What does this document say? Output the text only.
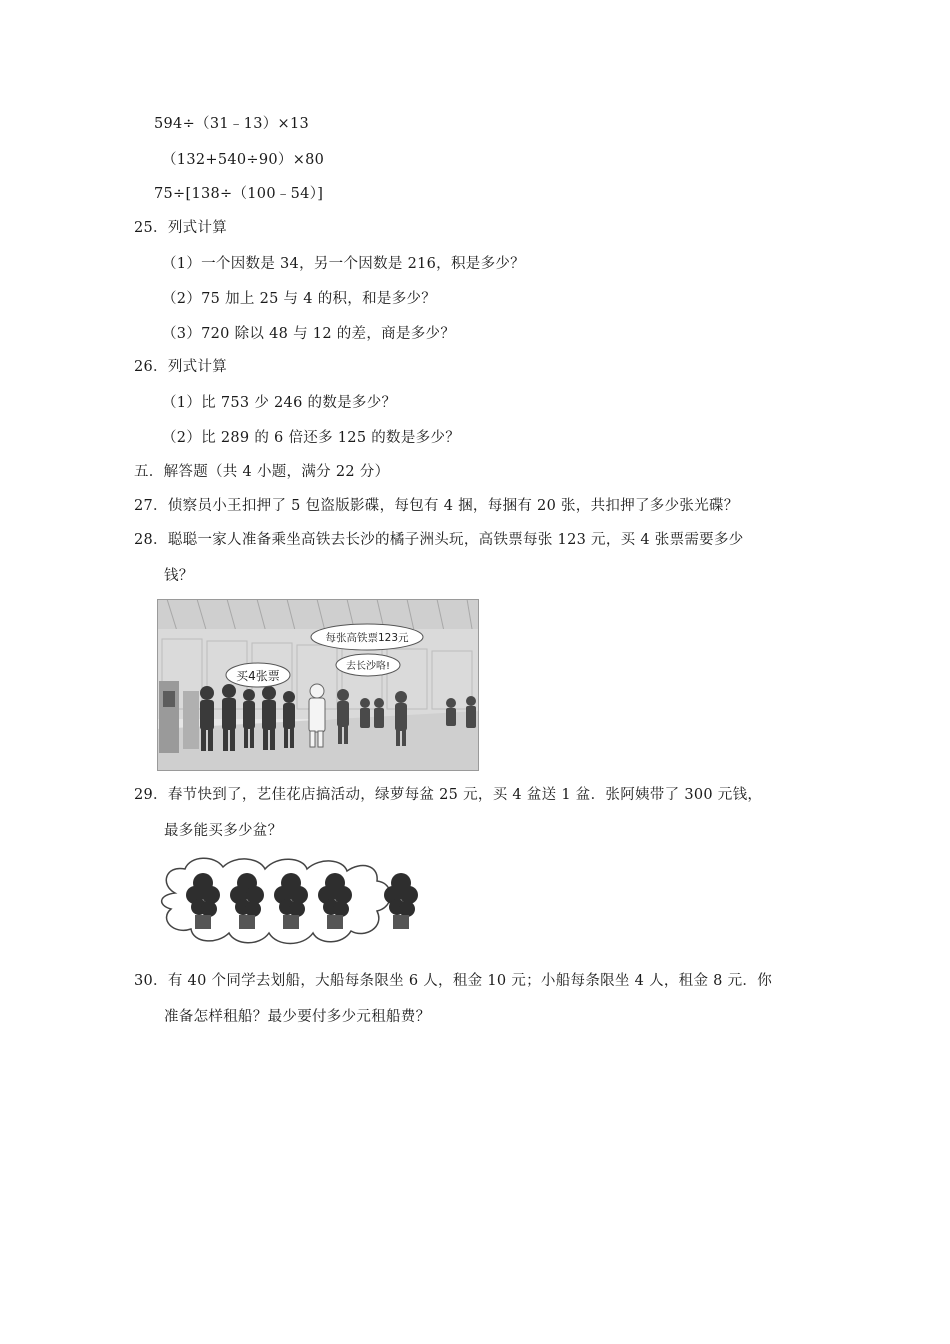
594÷（31﹣13）×13
（132+540÷90）×80
75÷[138÷（100﹣54）]
25．列式计算
（1）一个因数是 34，另一个因数是 216，积是多少？
（2）75 加上 25 与 4 的积，和是多少？
（3）720 除以 48 与 12 的差，商是多少？
26．列式计算
（1）比 753 少 246 的数是多少？
（2）比 289 的 6 倍还多 125 的数是多少？
五．解答题（共 4 小题，满分 22 分）
27．侦察员小王扣押了 5 包盗版影碟，每包有 4 捆，每捆有 20 张，共扣押了多少张光碟？
28．聪聪一家人准备乘坐高铁去长沙的橘子洲头玩，高铁票每张 123 元，买 4 张票需要多少
钱？
买4张票
每张高铁票123元
去长沙咯!
29．春节快到了，艺佳花店搞活动，绿萝每盆 25 元，买 4 盆送 1 盆．张阿姨带了 300 元钱，
最多能买多少盆？
30．有 40 个同学去划船，大船每条限坐 6 人，租金 10 元；小船每条限坐 4 人，租金 8 元．你
准备怎样租船？最少要付多少元租船费？
